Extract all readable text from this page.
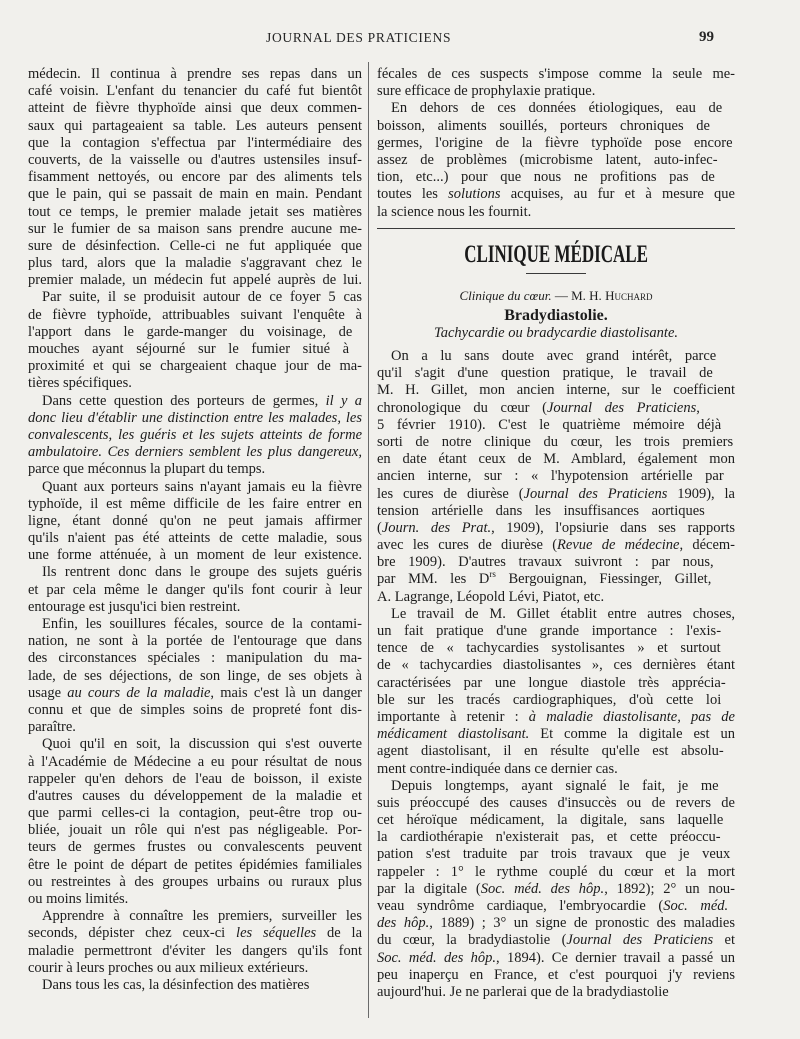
JOURNAL DES PRATICIENS	99
médecin. Il continua à prendre ses repas dans un
café voisin. L'enfant du tenancier du café fut bientôt
atteint de fièvre thyphoïde ainsi que deux commen-
saux qui partageaient sa table. Les auteurs pensent
que la contagion s'effectua par l'intermédiaire des
couverts, de la vaisselle ou d'autres ustensiles insuf-
fisamment nettoyés, ou encore par des aliments tels
que le pain, qui se passait de main en main. Pendant
tout ce temps, le premier malade jetait ses matières
sur le fumier de sa maison sans prendre aucune me-
sure de désinfection. Celle-ci ne fut appliquée que
plus tard, alors que la maladie s'aggravant chez le
premier malade, un médecin fut appelé auprès de lui.
Par suite, il se produisit autour de ce foyer 5 cas
de fièvre typhoïde, attribuables suivant l'enquête à
l'apport dans le garde-manger du voisinage, de
mouches ayant séjourné sur le fumier situé à
proximité et qui se chargeaient chaque jour de ma-
tières spécifiques.
Dans cette question des porteurs de germes, il y a
donc lieu d'établir une distinction entre les malades, les
convalescents, les guéris et les sujets atteints de forme
ambulatoire. Ces derniers semblent les plus dangereux,
parce que méconnus la plupart du temps.
Quant aux porteurs sains n'ayant jamais eu la fièvre
typhoïde, il est même difficile de les faire entrer en
ligne, étant donné qu'on ne peut jamais affirmer
qu'ils n'aient pas été atteints de cette maladie, sous
une forme atténuée, à un moment de leur existence.
Ils rentrent donc dans le groupe des sujets guéris
et par cela même le danger qu'ils font courir à leur
entourage est jusqu'ici bien restreint.
Enfin, les souillures fécales, source de la contami-
nation, ne sont à la portée de l'entourage que dans
des circonstances spéciales : manipulation du ma-
lade, de ses déjections, de son linge, de ses objets à
usage au cours de la maladie, mais c'est là un danger
connu et que de simples soins de propreté font dis-
paraître.
Quoi qu'il en soit, la discussion qui s'est ouverte
à l'Académie de Médecine a eu pour résultat de nous
rappeler qu'en dehors de l'eau de boisson, il existe
d'autres causes du développement de la maladie et
que parmi celles-ci la contagion, peut-être trop ou-
bliée, jouait un rôle qui n'est pas négligeable. Por-
teurs de germes frustes ou convalescents peuvent
être le point de départ de petites épidémies familiales
ou restreintes à des groupes urbains ou ruraux plus
ou moins limités.
Apprendre à connaître les premiers, surveiller les
seconds, dépister chez ceux-ci les séquelles de la
maladie permettront d'éviter les dangers qu'ils font
courir à leurs proches ou aux milieux extérieurs.
Dans tous les cas, la désinfection des matières
fécales de ces suspects s'impose comme la seule me-
sure efficace de prophylaxie pratique.
En dehors de ces données étiologiques, eau de
boisson, aliments souillés, porteurs chroniques de
germes, l'origine de la fièvre typhoïde pose encore
assez de problèmes (microbisme latent, auto-infec-
tion, etc...) pour que nous ne profitions pas de
toutes les solutions acquises, au fur et à mesure que
la science nous les fournit.
CLINIQUE MÉDICALE
Clinique du cœur. — M. H. Huchard
Bradydiastolie.
Tachycardie ou bradycardie diastolisante.
On a lu sans doute avec grand intérêt, parce
qu'il s'agit d'une question pratique, le travail de
M. H. Gillet, mon ancien interne, sur le coefficient
chronologique du cœur (Journal des Praticiens,
5 février 1910). C'est le quatrième mémoire déjà
sorti de notre clinique du cœur, les trois premiers
en date étant ceux de M. Amblard, également mon
ancien interne, sur : « l'hypotension artérielle par
les cures de diurèse (Journal des Praticiens 1909), la
tension artérielle dans les insuffisances aortiques
(Journ. des Prat., 1909), l'opsiurie dans ses rapports
avec les cures de diurèse (Revue de médecine, décem-
bre 1909). D'autres travaux suivront : par nous,
par MM. les $D^{rs}$ Bergouignan, Fiessinger, Gillet,
A. Lagrange, Léopold Lévi, Piatot, etc.
Le travail de M. Gillet établit entre autres choses,
un fait pratique d'une grande importance : l'exis-
tence de « tachycardies systolisantes » et surtout
de « tachycardies diastolisantes », ces dernières étant
caractérisées par une longue diastole très apprécia-
ble sur les tracés cardiographiques, d'où cette loi
importante à retenir : à maladie diastolisante, pas de
médicament diastolisant. Et comme la digitale est un
agent diastolisant, il en résulte qu'elle est absolu-
ment contre-indiquée dans ce dernier cas.
Depuis longtemps, ayant signalé le fait, je me
suis préoccupé des causes d'insuccès ou de revers de
cet héroïque médicament, la digitale, sans laquelle
la cardiothérapie n'existerait pas, et cette préoccu-
pation s'est traduite par trois travaux que je veux
rappeler : 1° le rythme couplé du cœur et la mort
par la digitale (Soc. méd. des hôp., 1892); 2° un nou-
veau syndrôme cardiaque, l'embryocardie (Soc. méd.
des hôp., 1889) ; 3° un signe de pronostic des maladies
du cœur, la bradydiastolie (Journal des Praticiens et
Soc. méd. des hôp., 1894). Ce dernier travail a passé un
peu inaperçu en France, et c'est pourquoi j'y reviens
aujourd'hui. Je ne parlerai que de la bradydiastolie
